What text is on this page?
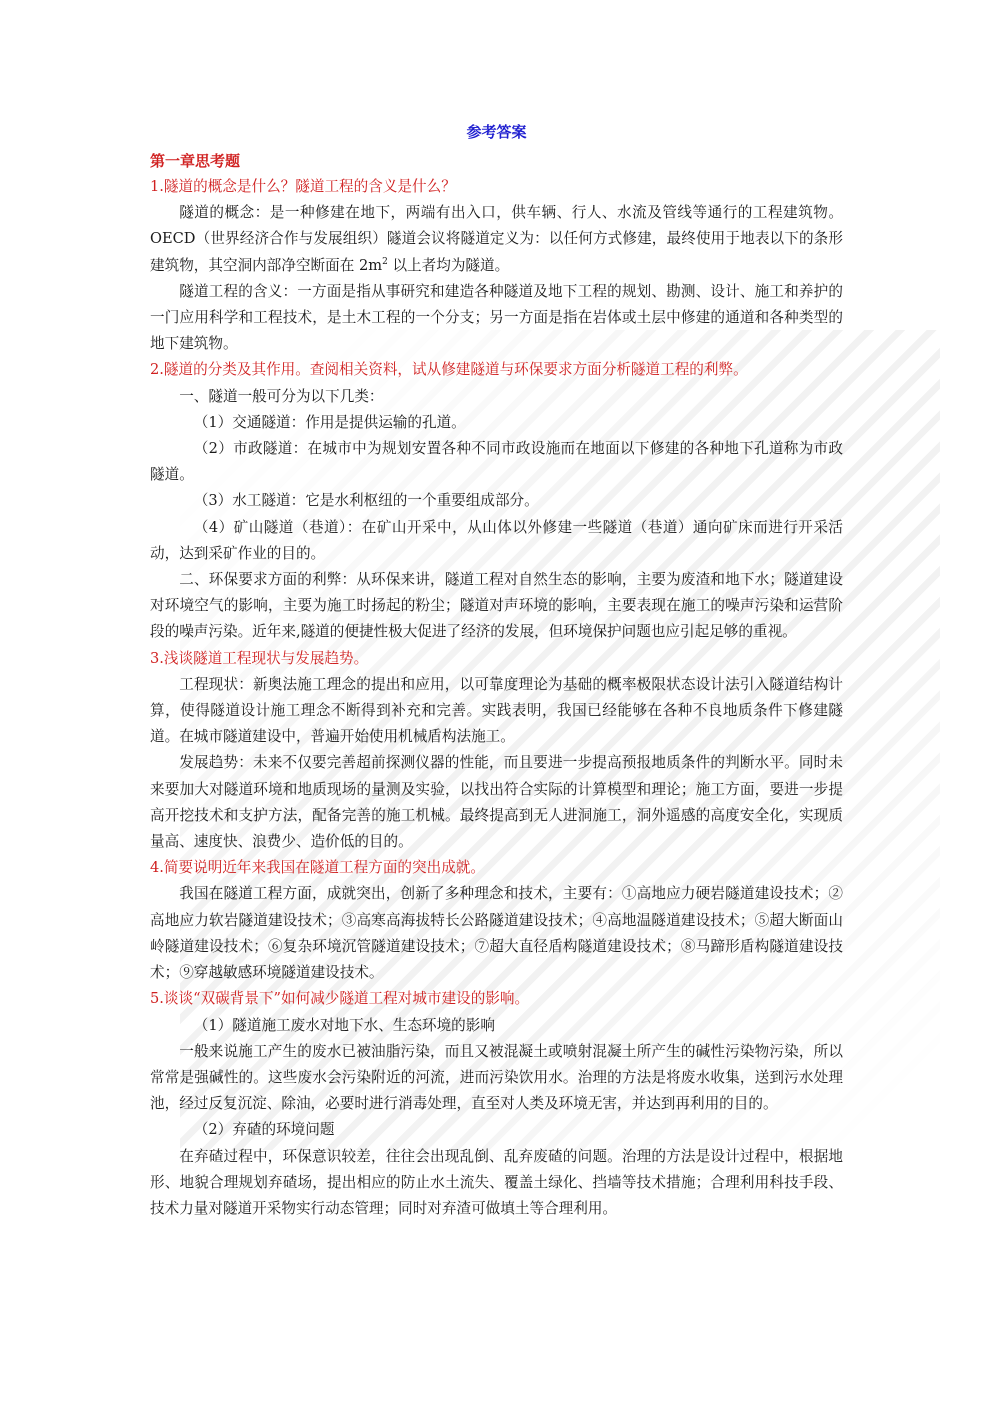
参考答案
第一章思考题
1.隧道的概念是什么？隧道工程的含义是什么？

隧道的概念：是一种修建在地下，两端有出入口，供车辆、行人、水流及管线等通行的工程建筑物。OECD（世界经济合作与发展组织）隧道会议将隧道定义为：以任何方式修建，最终使用于地表以下的条形建筑物，其空洞内部净空断面在 $2m^2$ 以上者均为隧道。

隧道工程的含义：一方面是指从事研究和建造各种隧道及地下工程的规划、勘测、设计、施工和养护的一门应用科学和工程技术，是土木工程的一个分支；另一方面是指在岩体或土层中修建的通道和各种类型的地下建筑物。

2.隧道的分类及其作用。查阅相关资料，试从修建隧道与环保要求方面分析隧道工程的利弊。

一、隧道一般可分为以下几类：

（1）交通隧道：作用是提供运输的孔道。

（2）市政隧道：在城市中为规划安置各种不同市政设施而在地面以下修建的各种地下孔道称为市政隧道。

（3）水工隧道：它是水利枢纽的一个重要组成部分。

（4）矿山隧道（巷道）：在矿山开采中，从山体以外修建一些隧道（巷道）通向矿床而进行开采活动，达到采矿作业的目的。

二、环保要求方面的利弊：从环保来讲，隧道工程对自然生态的影响，主要为废渣和地下水；隧道建设对环境空气的影响，主要为施工时扬起的粉尘；隧道对声环境的影响，主要表现在施工的噪声污染和运营阶段的噪声污染。近年来,隧道的便捷性极大促进了经济的发展，但环境保护问题也应引起足够的重视。

3.浅谈隧道工程现状与发展趋势。

工程现状：新奥法施工理念的提出和应用，以可靠度理论为基础的概率极限状态设计法引入隧道结构计算，使得隧道设计施工理念不断得到补充和完善。实践表明，我国已经能够在各种不良地质条件下修建隧道。在城市隧道建设中，普遍开始使用机械盾构法施工。

发展趋势：未来不仅要完善超前探测仪器的性能，而且要进一步提高预报地质条件的判断水平。同时未来要加大对隧道环境和地质现场的量测及实验，以找出符合实际的计算模型和理论；施工方面，要进一步提高开挖技术和支护方法，配备完善的施工机械。最终提高到无人进洞施工，洞外遥感的高度安全化，实现质量高、速度快、浪费少、造价低的目的。

4.简要说明近年来我国在隧道工程方面的突出成就。

我国在隧道工程方面，成就突出，创新了多种理念和技术，主要有：①高地应力硬岩隧道建设技术；②高地应力软岩隧道建设技术；③高寒高海拔特长公路隧道建设技术；④高地温隧道建设技术；⑤超大断面山岭隧道建设技术；⑥复杂环境沉管隧道建设技术；⑦超大直径盾构隧道建设技术；⑧马蹄形盾构隧道建设技术；⑨穿越敏感环境隧道建设技术。

5.谈谈“双碳背景下”如何减少隧道工程对城市建设的影响。

（1）隧道施工废水对地下水、生态环境的影响

一般来说施工产生的废水已被油脂污染，而且又被混凝土或喷射混凝土所产生的碱性污染物污染，所以常常是强碱性的。这些废水会污染附近的河流，进而污染饮用水。治理的方法是将废水收集，送到污水处理池，经过反复沉淀、除油，必要时进行消毒处理，直至对人类及环境无害，并达到再利用的目的。

（2）弃碴的环境问题

在弃碴过程中，环保意识较差，往往会出现乱倒、乱弃废碴的问题。治理的方法是设计过程中，根据地形、地貌合理规划弃碴场，提出相应的防止水土流失、覆盖土绿化、挡墙等技术措施；合理利用科技手段、技术力量对隧道开采物实行动态管理；同时对弃渣可做填土等合理利用。
